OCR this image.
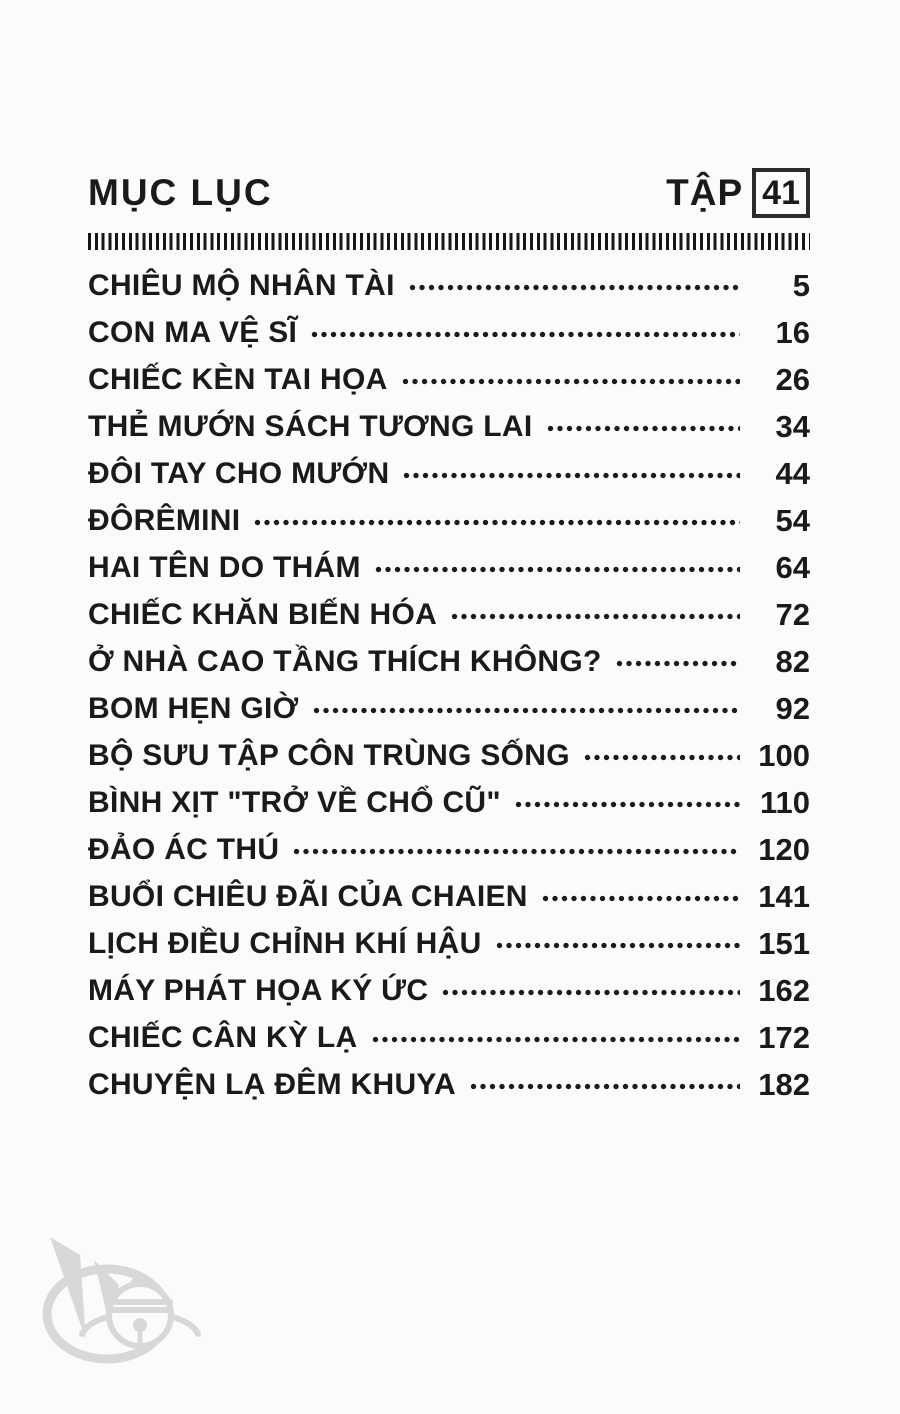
MỤC LỤC	TẬP 41
CHIÊU MỘ NHÂN TÀI	5
CON MA VỆ SĨ	16
CHIẾC KÈN TAI HỌA	26
THẺ MƯỚN SÁCH TƯƠNG LAI	34
ĐÔI TAY CHO MƯỚN	44
ĐÔRÊMINI	54
HAI TÊN DO THÁM	64
CHIẾC KHĂN BIẾN HÓA	72
Ở NHÀ CAO TẦNG THÍCH KHÔNG?	82
BOM HẸN GIỜ	92
BỘ SƯU TẬP CÔN TRÙNG SỐNG	100
BÌNH XỊT "TRỞ VỀ CHỔ CŨ"	110
ĐẢO ÁC THÚ	120
BUỔI CHIÊU ĐÃI CỦA CHAIEN	141
LỊCH ĐIỀU CHỈNH KHÍ HẬU	151
MÁY PHÁT HỌA KÝ ỨC	162
CHIẾC CÂN KỲ LẠ	172
CHUYỆN LẠ ĐÊM KHUYA	182
